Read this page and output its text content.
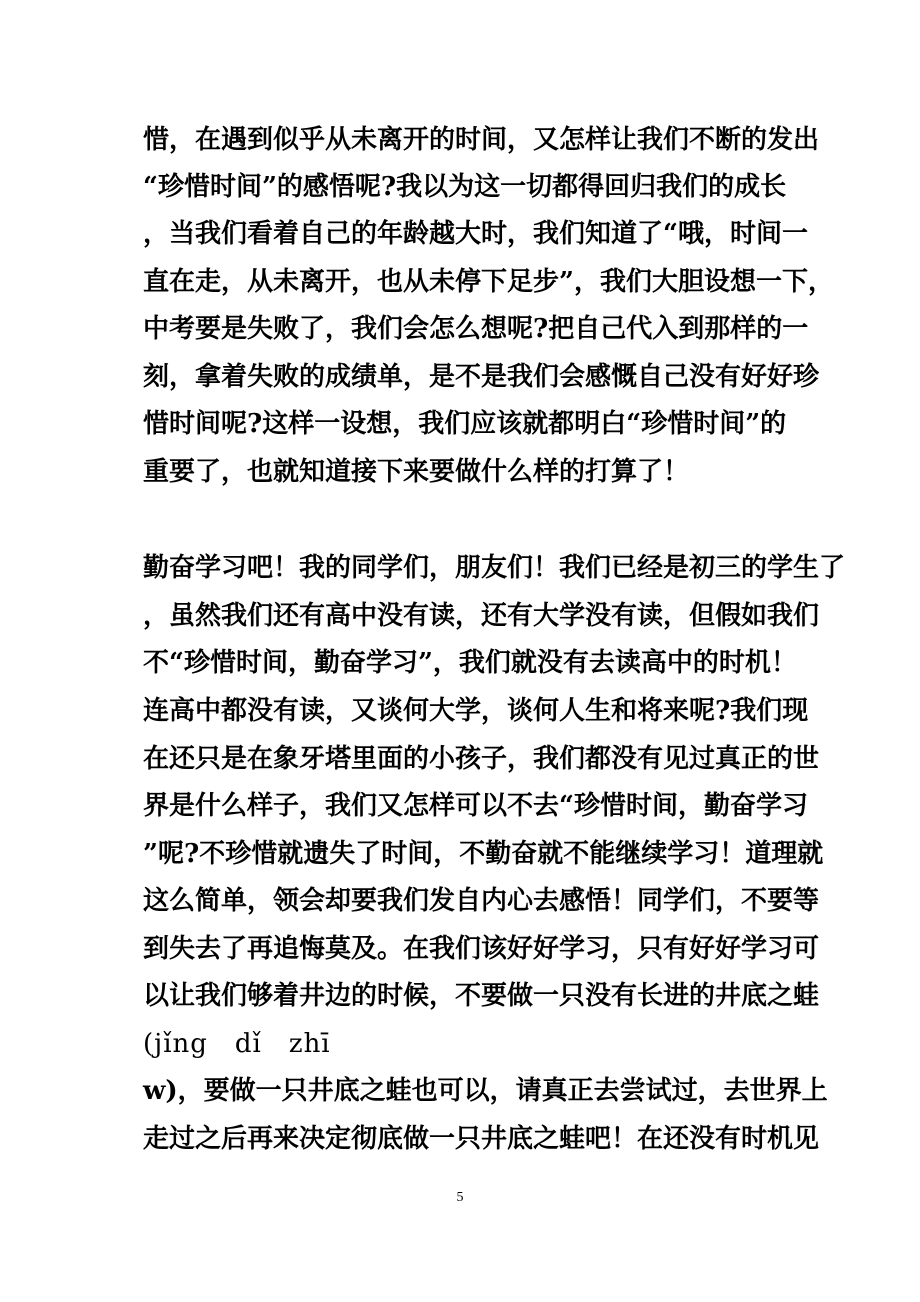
惜，在遇到似乎从未离开的时间，又怎样让我们不断的发出
“珍惜时间”的感悟呢?我以为这一切都得回归我们的成长
，当我们看着自己的年龄越大时，我们知道了“哦，时间一
直在走，从未离开，也从未停下足步”，我们大胆设想一下，
中考要是失败了，我们会怎么想呢?把自己代入到那样的一
刻，拿着失败的成绩单，是不是我们会感慨自己没有好好珍
惜时间呢?这样一设想，我们应该就都明白“珍惜时间”的
重要了，也就知道接下来要做什么样的打算了！
勤奋学习吧！我的同学们，朋友们！我们已经是初三的学生了
，虽然我们还有高中没有读，还有大学没有读，但假如我们
不“珍惜时间，勤奋学习”，我们就没有去读高中的时机！
连高中都没有读，又谈何大学，谈何人生和将来呢?我们现
在还只是在象牙塔里面的小孩子，我们都没有见过真正的世
界是什么样子，我们又怎样可以不去“珍惜时间，勤奋学习
”呢?不珍惜就遗失了时间，不勤奋就不能继续学习！道理就
这么简单，领会却要我们发自内心去感悟！同学们，不要等
到失去了再追悔莫及。在我们该好好学习，只有好好学习可
以让我们够着井边的时候，不要做一只没有长进的井底之蛙
(jǐng　dǐ　zhī
w)，要做一只井底之蛙也可以，请真正去尝试过，去世界上
走过之后再来决定彻底做一只井底之蛙吧！在还没有时机见
5
